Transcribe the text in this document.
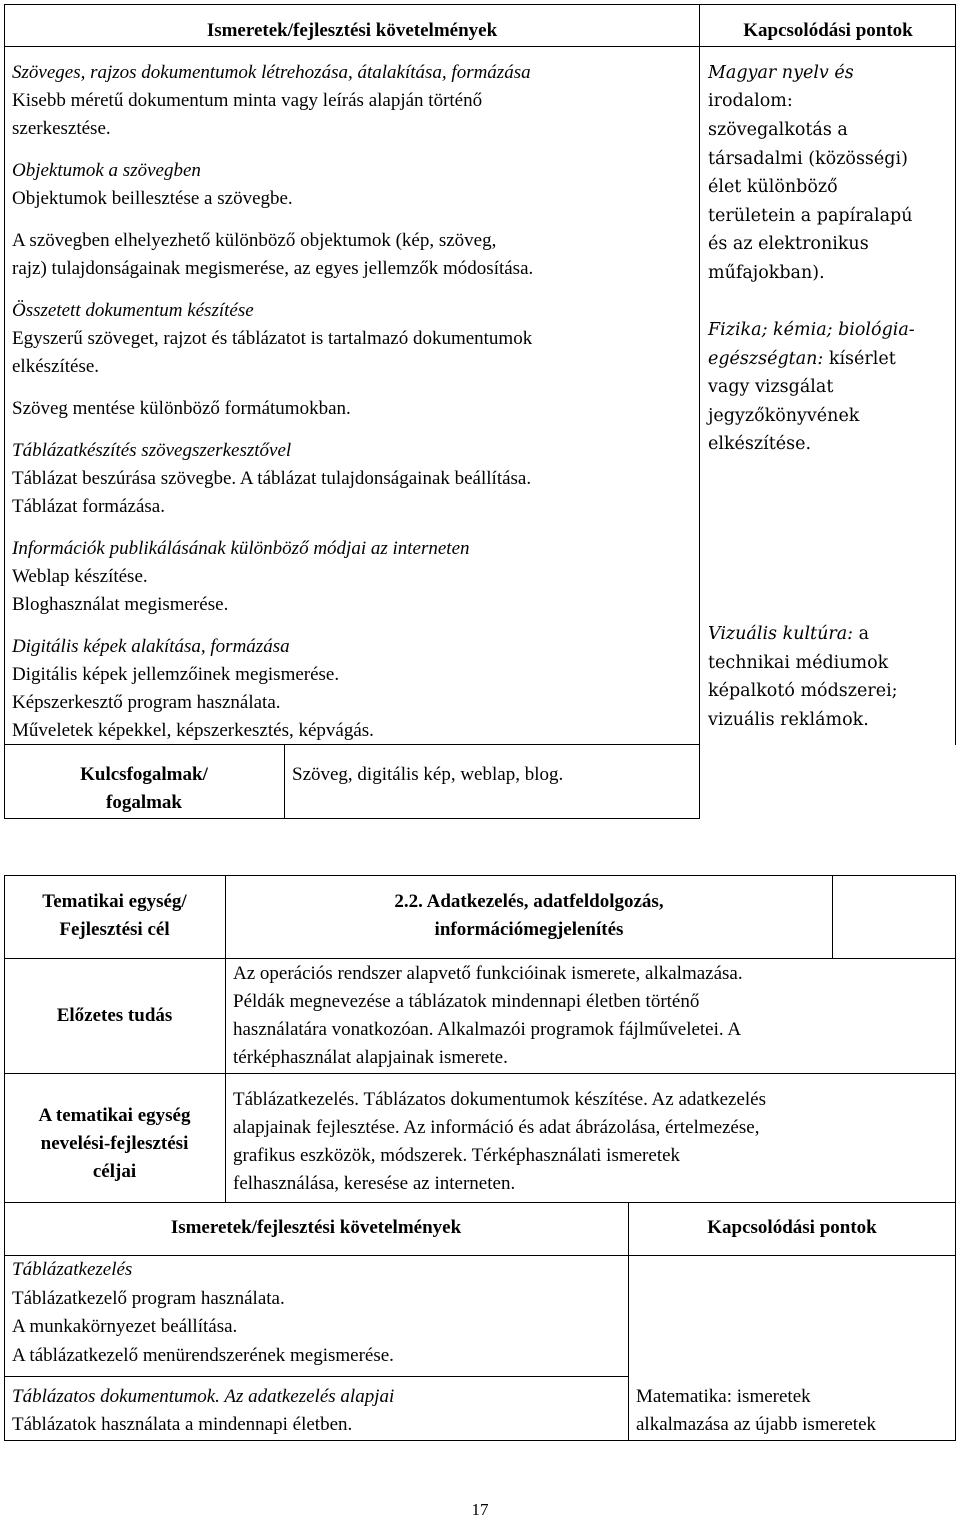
Ismeretek/fejlesztési követelmények	Kapcsolódási pontok
Szöveges, rajzos dokumentumok létrehozása, átalakítása, formázása
Kisebb méretű dokumentum minta vagy leírás alapján történő
szerkesztése.
Objektumok a szövegben
Objektumok beillesztése a szövegbe.
A szövegben elhelyezhető különböző objektumok (kép, szöveg,
rajz) tulajdonságainak megismerése, az egyes jellemzők módosítása.
Összetett dokumentum készítése
Egyszerű szöveget, rajzot és táblázatot is tartalmazó dokumentumok
elkészítése.
Szöveg mentése különböző formátumokban.
Táblázatkészítés szövegszerkesztővel
Táblázat beszúrása szövegbe. A táblázat tulajdonságainak beállítása.
Táblázat formázása.
Információk publikálásának különböző módjai az interneten
Weblap készítése.
Bloghasználat megismerése.
Digitális képek alakítása, formázása
Digitális képek jellemzőinek megismerése.
Képszerkesztő program használata.
Műveletek képekkel, képszerkesztés, képvágás.
Magyar nyelv és
irodalom:
szövegalkotás a
társadalmi (közösségi)
élet különböző
területein a papíralapú
és az elektronikus
műfajokban).
Fizika; kémia; biológia-
egészségtan: kísérlet
vagy vizsgálat
jegyzőkönyvének
elkészítése.
Vizuális kultúra: a
technikai médiumok
képalkotó módszerei;
vizuális reklámok.
Kulcsfogalmak/
fogalmak
Szöveg, digitális kép, weblap, blog.
Tematikai egység/
Fejlesztési cél
2.2. Adatkezelés, adatfeldolgozás,
információmegjelenítés
Előzetes tudás
Az operációs rendszer alapvető funkcióinak ismerete, alkalmazása.
Példák megnevezése a táblázatok mindennapi életben történő
használatára vonatkozóan. Alkalmazói programok fájlműveletei. A
térképhasználat alapjainak ismerete.
A tematikai egység
nevelési-fejlesztési
céljai
Táblázatkezelés. Táblázatos dokumentumok készítése. Az adatkezelés
alapjainak fejlesztése. Az információ és adat ábrázolása, értelmezése,
grafikus eszközök, módszerek. Térképhasználati ismeretek
felhasználása, keresése az interneten.
Ismeretek/fejlesztési követelmények	Kapcsolódási pontok
Táblázatkezelés
Táblázatkezelő program használata.
A munkakörnyezet beállítása.
A táblázatkezelő menürendszerének megismerése.
Táblázatos dokumentumok. Az adatkezelés alapjai
Táblázatok használata a mindennapi életben.
Matematika: ismeretek
alkalmazása az újabb ismeretek
17
